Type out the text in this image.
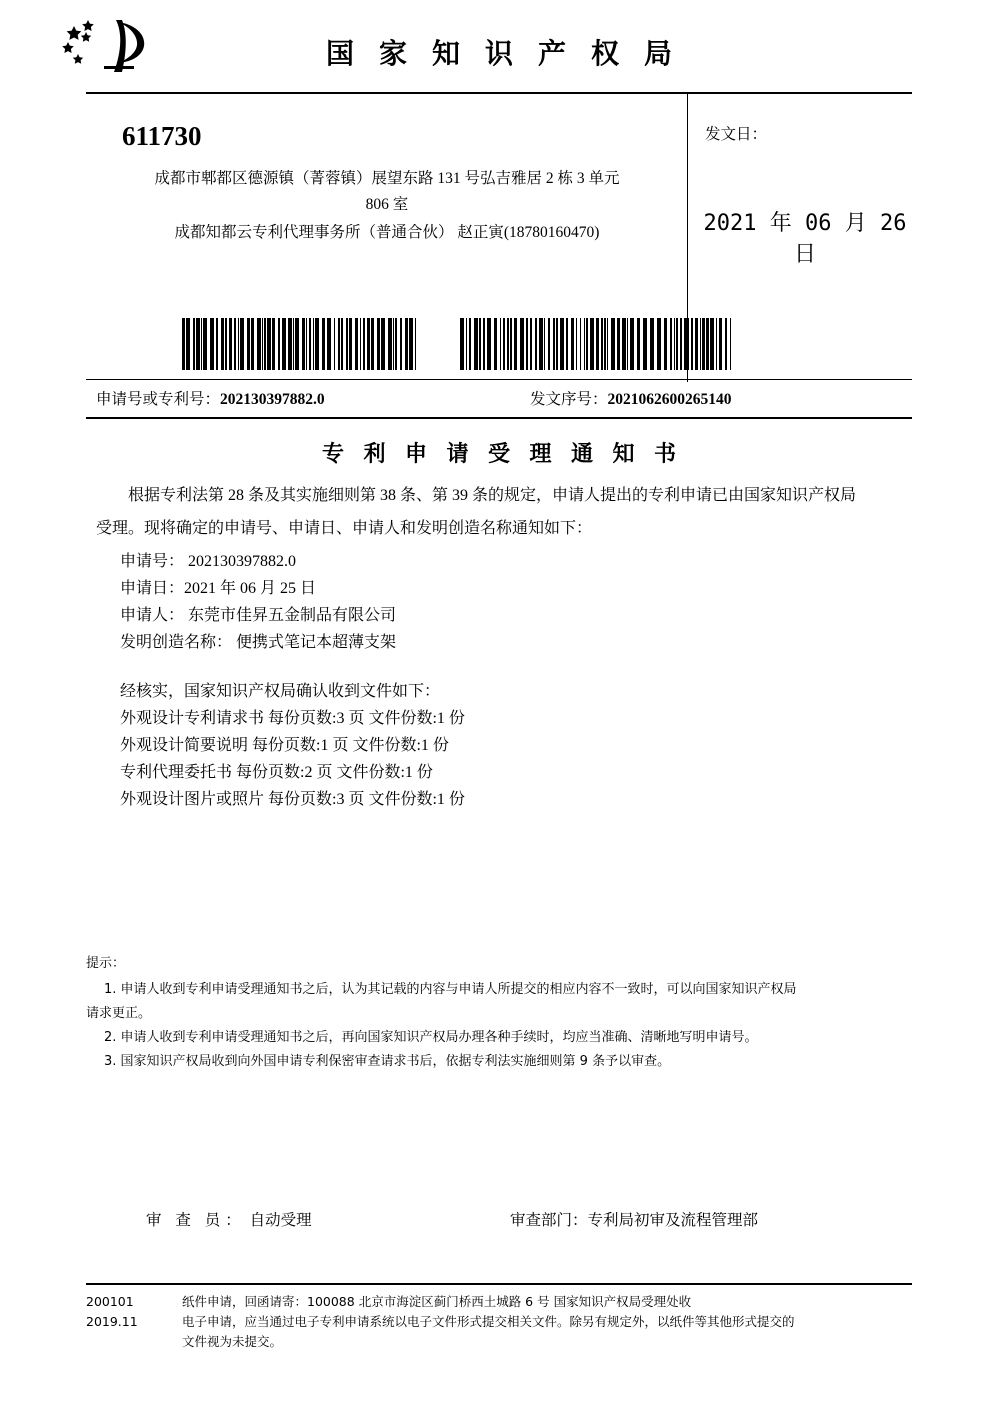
国 家 知 识 产 权 局
611730
成都市郫都区德源镇（菁蓉镇）展望东路 131 号弘吉雅居 2 栋 3 单元
806 室
成都知都云专利代理事务所（普通合伙） 赵正寅(18780160470)
发文日：
2021 年 06 月 26 日
申请号或专利号：202130397882.0	发文序号：2021062600265140
专 利 申 请 受 理 通 知 书

根据专利法第 28 条及其实施细则第 38 条、第 39 条的规定，申请人提出的专利申请已由国家知识产权局

受理。现将确定的申请号、申请日、申请人和发明创造名称通知如下：

申请号： 202130397882.0

申请日：2021 年 06 月 25 日

申请人： 东莞市佳昇五金制品有限公司

发明创造名称： 便携式笔记本超薄支架

经核实，国家知识产权局确认收到文件如下：

外观设计专利请求书 每份页数:3 页 文件份数:1 份

外观设计简要说明 每份页数:1 页 文件份数:1 份

专利代理委托书 每份页数:2 页 文件份数:1 份

外观设计图片或照片 每份页数:3 页 文件份数:1 份

提示：

1. 申请人收到专利申请受理通知书之后，认为其记载的内容与申请人所提交的相应内容不一致时，可以向国家知识产权局

请求更正。

2. 申请人收到专利申请受理通知书之后，再向国家知识产权局办理各种手续时，均应当准确、清晰地写明申请号。

3. 国家知识产权局收到向外国申请专利保密审查请求书后，依据专利法实施细则第 9 条予以审查。

审 查 员： 自动受理	审查部门：专利局初审及流程管理部

200101

2019.11

纸件申请，回函请寄：100088 北京市海淀区蓟门桥西土城路 6 号 国家知识产权局受理处收

电子申请，应当通过电子专利申请系统以电子文件形式提交相关文件。除另有规定外，以纸件等其他形式提交的

文件视为未提交。
